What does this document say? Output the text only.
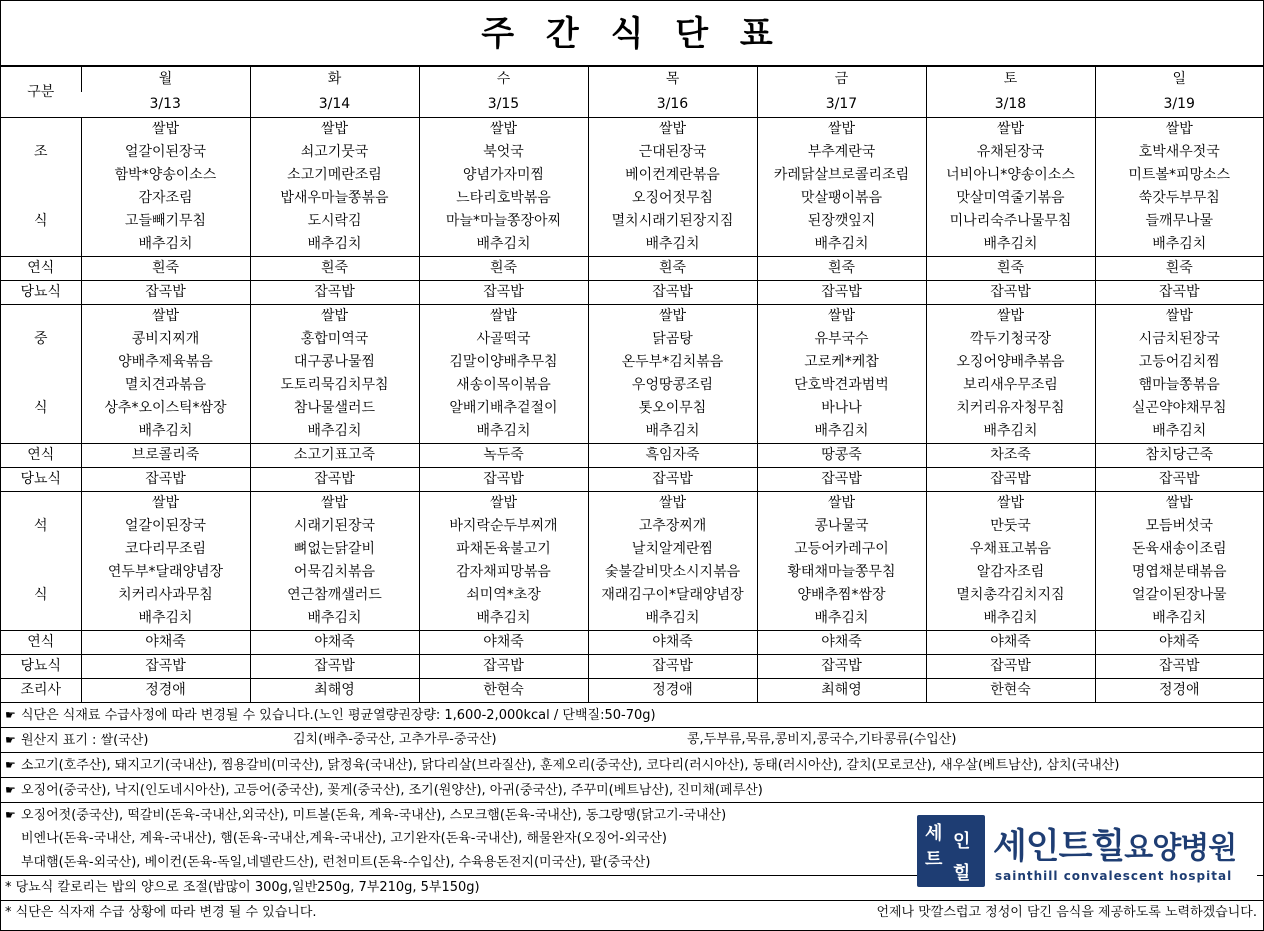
주 간 식 단 표
구분	월	화	수	목	금	토	일
	3/13	3/14	3/15	3/16	3/17	3/18	3/19
	쌀밥	쌀밥	쌀밥	쌀밥	쌀밥	쌀밥	쌀밥
조	얼갈이된장국	쇠고기뭇국	북엇국	근대된장국	부추계란국	유채된장국	호박새우젓국
	함박*양송이소스	소고기메란조림	양념가자미찜	베이컨계란볶음	카레닭살브로콜리조림	너비아니*양송이소스	미트볼*피망소스
	감자조림	밥새우마늘쫑볶음	느타리호박볶음	오징어젓무침	맛살팽이볶음	맛살미역줄기볶음	쑥갓두부무침
식	고들빼기무침	도시락김	마늘*마늘쫑장아찌	멸치시래기된장지짐	된장깻잎지	미나리숙주나물무침	들깨무나물
	배추김치	배추김치	배추김치	배추김치	배추김치	배추김치	배추김치
연식	흰죽	흰죽	흰죽	흰죽	흰죽	흰죽	흰죽
당뇨식	잡곡밥	잡곡밥	잡곡밥	잡곡밥	잡곡밥	잡곡밥	잡곡밥
	쌀밥	쌀밥	쌀밥	쌀밥	쌀밥	쌀밥	쌀밥
중	콩비지찌개	홍합미역국	사골떡국	닭곰탕	유부국수	깍두기청국장	시금치된장국
	양배추제육볶음	대구콩나물찜	김말이양배추무침	온두부*김치볶음	고로케*케찹	오징어양배추볶음	고등어김치찜
	멸치견과볶음	도토리묵김치무침	새송이목이볶음	우엉땅콩조림	단호박견과범벅	보리새우무조림	햄마늘쫑볶음
식	상추*오이스틱*쌈장	참나물샐러드	알배기배추겉절이	톳오이무침	바나나	치커리유자청무침	실곤약야채무침
	배추김치	배추김치	배추김치	배추김치	배추김치	배추김치	배추김치
연식	브로콜리죽	소고기표고죽	녹두죽	흑임자죽	땅콩죽	차조죽	참치당근죽
당뇨식	잡곡밥	잡곡밥	잡곡밥	잡곡밥	잡곡밥	잡곡밥	잡곡밥
	쌀밥	쌀밥	쌀밥	쌀밥	쌀밥	쌀밥	쌀밥
석	얼갈이된장국	시래기된장국	바지락순두부찌개	고추장찌개	콩나물국	만둣국	모듬버섯국
	코다리무조림	뼈없는닭갈비	파채돈육불고기	날치알계란찜	고등어카레구이	우채표고볶음	돈육새송이조림
	연두부*달래양념장	어묵김치볶음	감자채피망볶음	숯불갈비맛소시지볶음	황태채마늘쫑무침	알감자조림	명엽채분태볶음
식	치커리사과무침	연근참깨샐러드	쇠미역*초장	재래김구이*달래양념장	양배추찜*쌈장	멸치총각김치지짐	얼갈이된장나물
	배추김치	배추김치	배추김치	배추김치	배추김치	배추김치	배추김치
연식	야채죽	야채죽	야채죽	야채죽	야채죽	야채죽	야채죽
당뇨식	잡곡밥	잡곡밥	잡곡밥	잡곡밥	잡곡밥	잡곡밥	잡곡밥
조리사	정경애	최해영	한현숙	정경애	최해영	한현숙	정경애
☛ 식단은 식재료 수급사정에 따라 변경될 수 있습니다.(노인 평균열량권장량: 1,600-2,000kcal / 단백질:50-70g)
☛ 원산지 표기 : 쌀(국산)	김치(배추-중국산, 고추가루-중국산)	콩,두부류,묵류,콩비지,콩국수,기타콩류(수입산)
☛ 소고기(호주산), 돼지고기(국내산), 찜용갈비(미국산), 닭정육(국내산), 닭다리살(브라질산), 훈제오리(중국산), 코다리(러시아산), 동태(러시아산), 갈치(모로코산), 새우살(베트남산), 삼치(국내산)
☛ 오징어(중국산), 낙지(인도네시아산), 고등어(중국산), 꽃게(중국산), 조기(원양산), 아귀(중국산), 주꾸미(베트남산), 진미채(페루산)
☛ 오징어젓(중국산), 떡갈비(돈육-국내산,외국산), 미트볼(돈육, 계육-국내산), 스모크햄(돈육-국내산), 동그랑땡(닭고기-국내산)
비엔나(돈육-국내산, 계육-국내산), 햄(돈육-국내산,계육-국내산), 고기완자(돈육-국내산), 해물완자(오징어-외국산)
부대햄(돈육-외국산), 베이컨(돈육-독일,네델란드산), 런천미트(돈육-수입산), 수육용돈전지(미국산), 팥(중국산)
* 당뇨식 칼로리는 밥의 양으로 조절(밥많이 300g,일반250g, 7부210g, 5부150g)
* 식단은 식자재 수급 상황에 따라 변경 될 수 있습니다.	언제나 맛깔스럽고 정성이 담긴 음식을 제공하도록 노력하겠습니다.
세 인
트
힐
세인트힐요양병원
sainthill convalescent hospital
